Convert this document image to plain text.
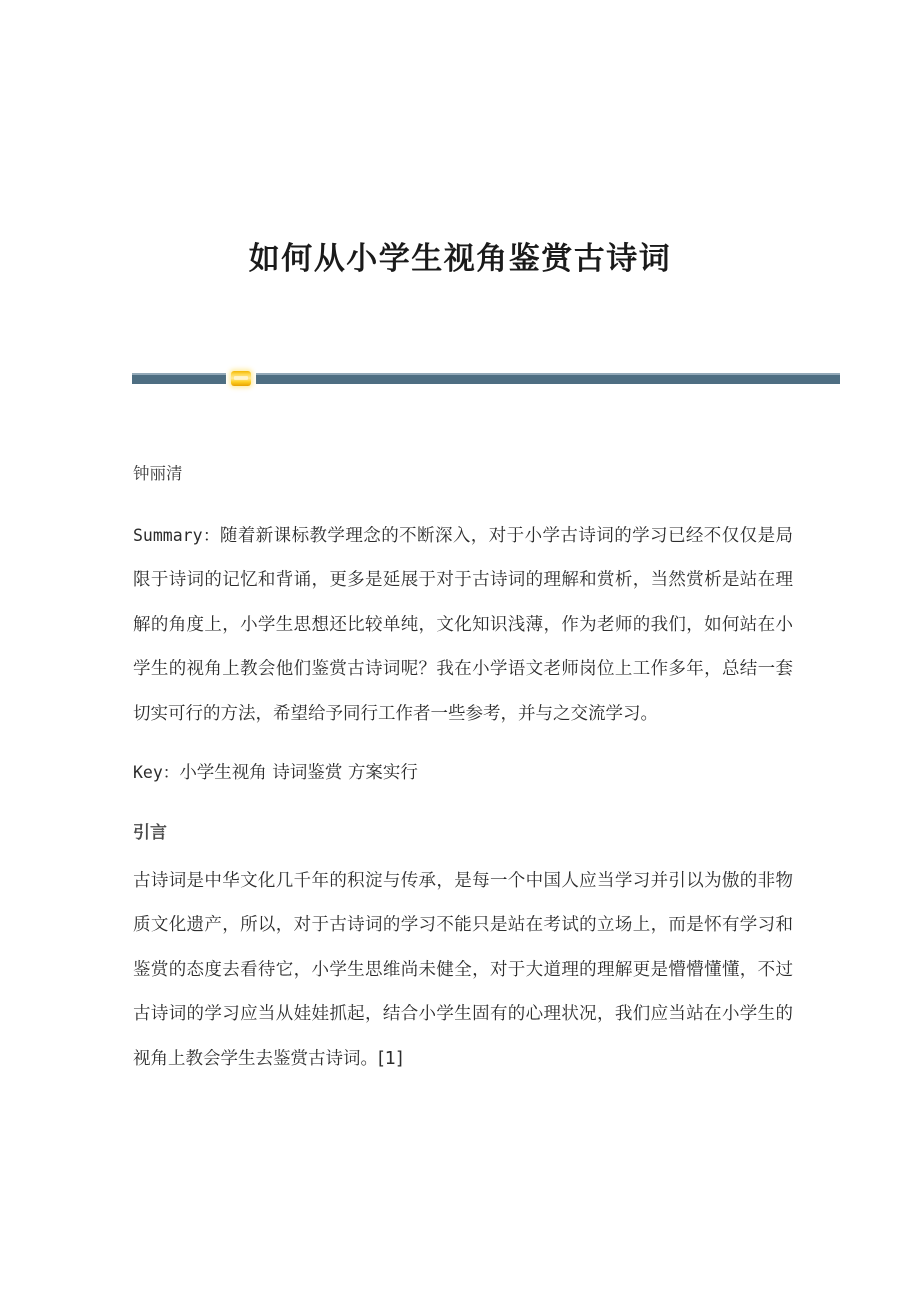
如何从小学生视角鉴赏古诗词
钟丽清

Summary：随着新课标教学理念的不断深入，对于小学古诗词的学习已经不仅仅是局限于诗词的记忆和背诵，更多是延展于对于古诗词的理解和赏析，当然赏析是站在理解的角度上，小学生思想还比较单纯，文化知识浅薄，作为老师的我们，如何站在小学生的视角上教会他们鉴赏古诗词呢？我在小学语文老师岗位上工作多年，总结一套切实可行的方法，希望给予同行工作者一些参考，并与之交流学习。

Key：小学生视角 诗词鉴赏 方案实行

引言

古诗词是中华文化几千年的积淀与传承，是每一个中国人应当学习并引以为傲的非物质文化遗产，所以，对于古诗词的学习不能只是站在考试的立场上，而是怀有学习和鉴赏的态度去看待它，小学生思维尚未健全，对于大道理的理解更是懵懵懂懂，不过古诗词的学习应当从娃娃抓起，结合小学生固有的心理状况，我们应当站在小学生的视角上教会学生去鉴赏古诗词。[1]
